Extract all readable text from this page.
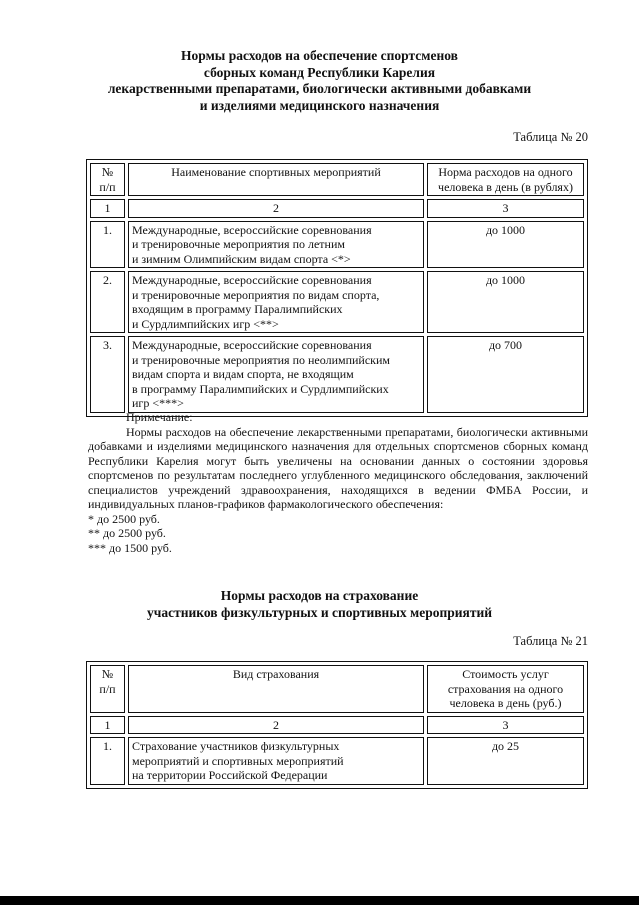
Нормы расходов на обеспечение спортсменов
сборных команд Республики Карелия
лекарственными препаратами, биологически активными добавками
и изделиями медицинского назначения
Таблица № 20
№
п/п	Наименование спортивных мероприятий	Норма расходов на одного
человека в день (в рублях)

1	2	3
1.	Международные, всероссийские соревнования
и тренировочные мероприятия по летним
и зимним Олимпийским видам спорта <*>	до 1000
2.	Международные, всероссийские соревнования
и тренировочные мероприятия по видам спорта,
входящим в программу Паралимпийских
и Сурдлимпийских игр <**>	до 1000
3.	Международные, всероссийские соревнования
и тренировочные мероприятия по неолимпийским
видам спорта и видам спорта, не входящим
в программу Паралимпийских и Сурдлимпийских
игр <***>	до 700
Примечание:

Нормы расходов на обеспечение лекарственными препаратами, биологически активными добавками и изделиями медицинского назначения для отдельных спортсменов сборных команд Республики Карелия могут быть увеличены на основании данных о состоянии здоровья спортсменов по результатам последнего углубленного медицинского обследования, заключений специалистов учреждений здравоохранения, находящихся в ведении ФМБА России, и индивидуальных планов-графиков фармакологического обеспечения:

* до 2500 руб.
** до 2500 руб.
*** до 1500 руб.
Нормы расходов на страхование
участников физкультурных и спортивных мероприятий
Таблица № 21
№
п/п	Вид страхования	Стоимость услуг
страхования на одного
человека в день (руб.)

1	2	3
1.	Страхование участников физкультурных
мероприятий и спортивных мероприятий
на территории Российской Федерации	до 25
